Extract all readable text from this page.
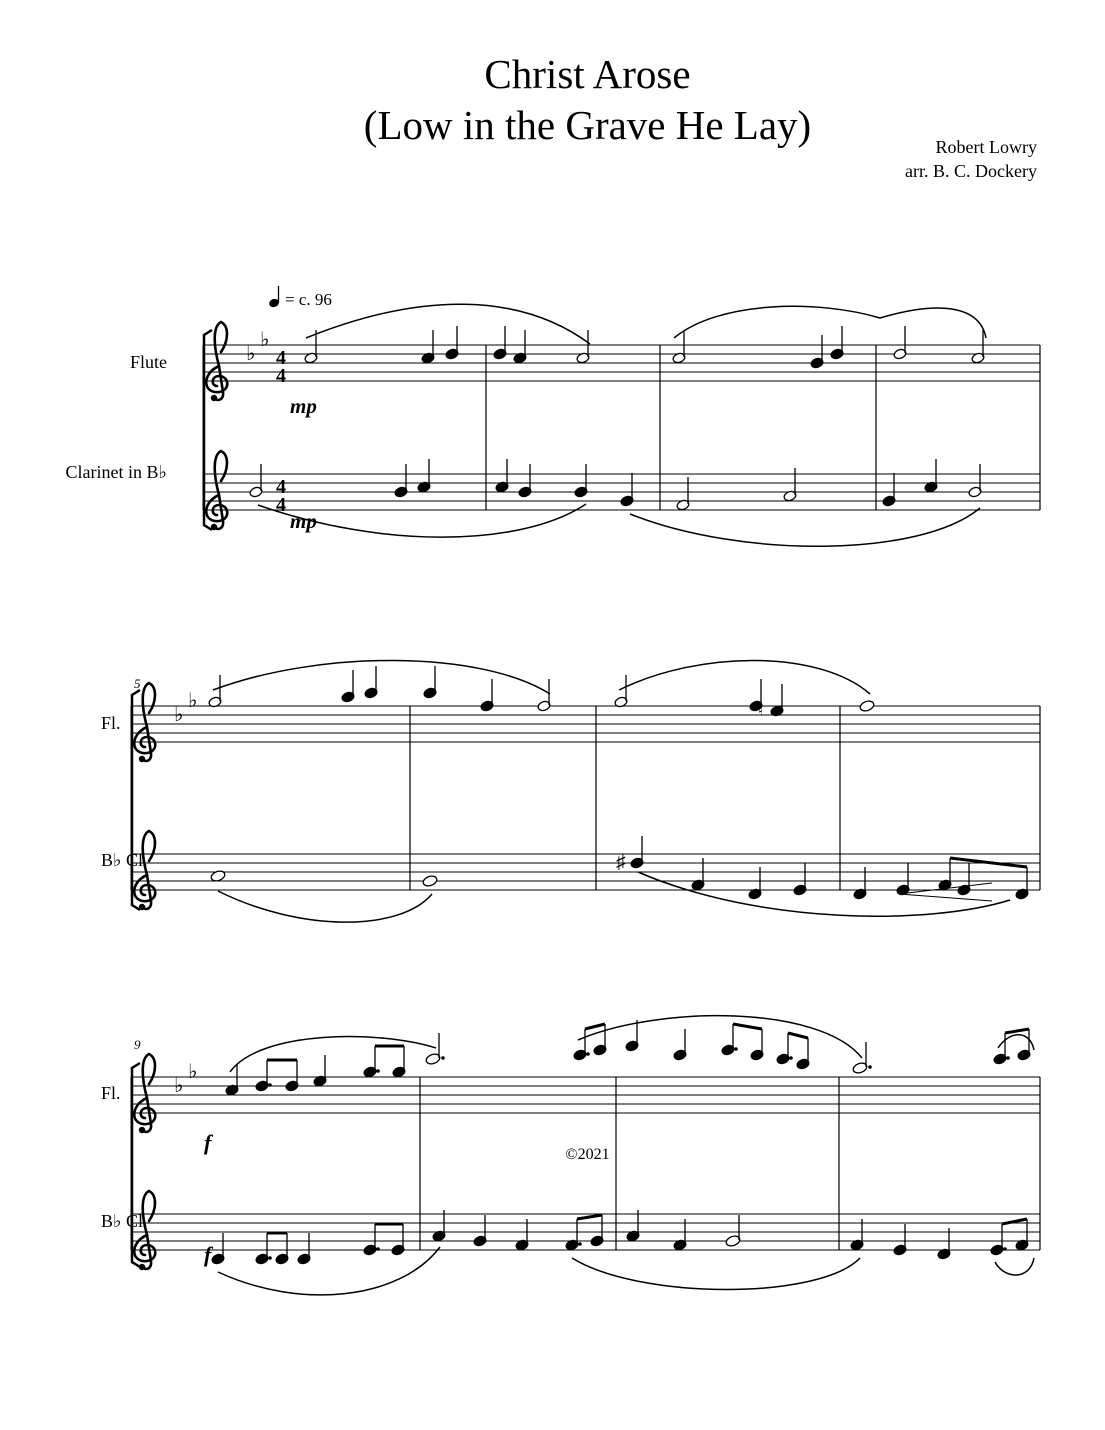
Christ Arose
(Low in the Grave He Lay)	Robert Lowry
arr. B. C. Dockery
= c. 96
Flute
Clarinet in B♭
♭
♭
4
4
4
4
mp
mp
5
Fl.
B♭ Cl.
♭
♭	♮
♯
9
Fl.
B♭ Cl.
♭
♭
f
f
©2021
